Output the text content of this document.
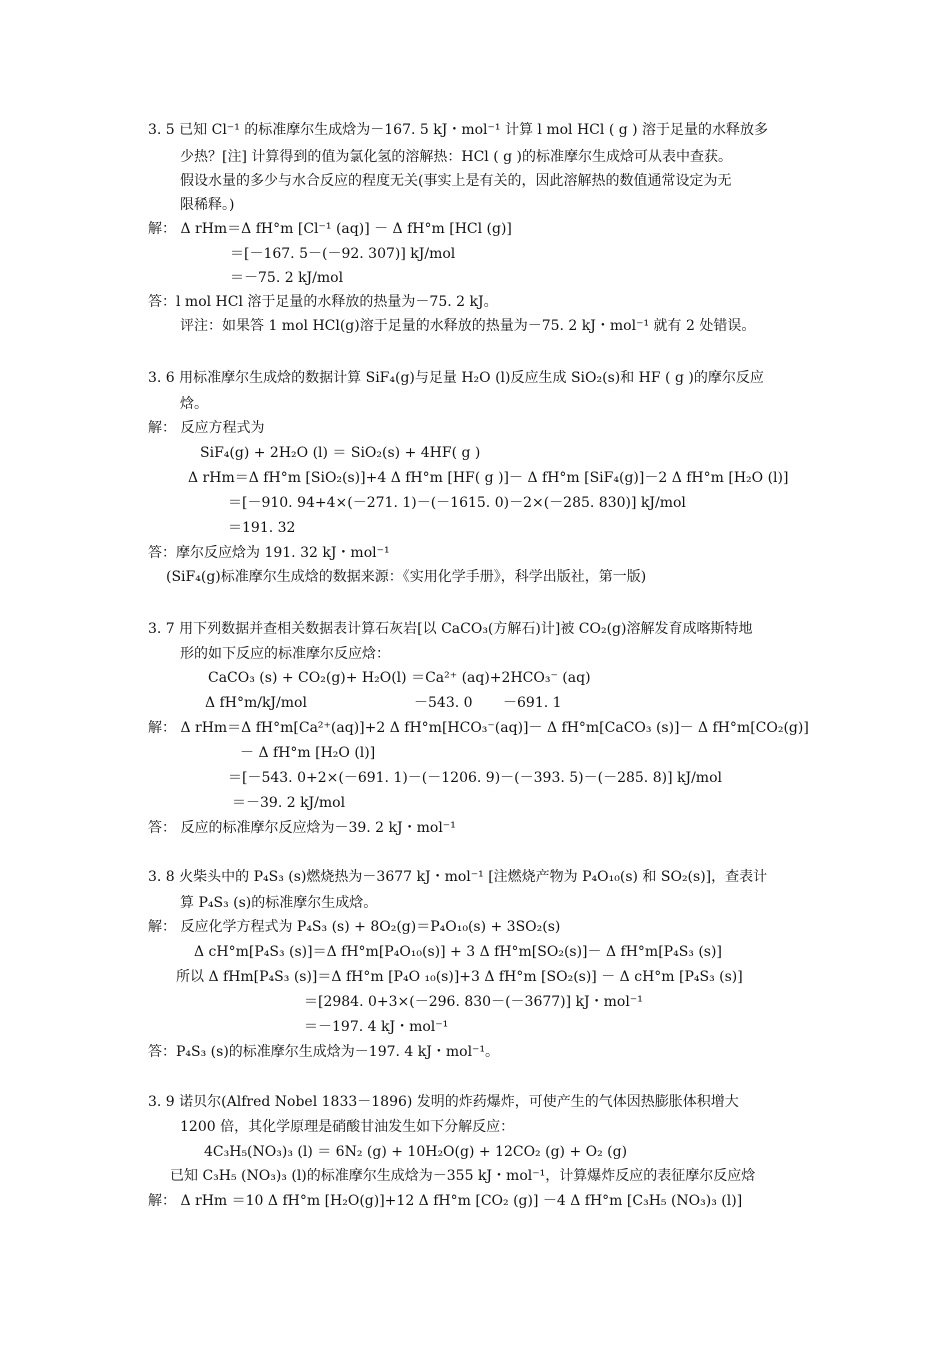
3. 5 已知 Cl⁻¹ 的标准摩尔生成焓为－167. 5 kJ・mol⁻¹ 计算 l mol HCl ( g ) 溶于足量的水释放多
少热？[注] 计算得到的值为氯化氢的溶解热：HCl ( g )的标准摩尔生成焓可从表中查获。
假设水量的多少与水合反应的程度无关(事实上是有关的，因此溶解热的数值通常设定为无
限稀释。)
解： Δ rHm＝Δ fH°m [Cl⁻¹ (aq)] － Δ fH°m [HCl (g)]
＝[－167. 5－(－92. 307)] kJ/mol
＝－75. 2 kJ/mol
答：l mol HCl 溶于足量的水释放的热量为－75. 2 kJ。
评注：如果答 1 mol HCl(g)溶于足量的水释放的热量为－75. 2 kJ・mol⁻¹ 就有 2 处错误。
3. 6 用标准摩尔生成焓的数据计算 SiF₄(g)与足量 H₂O (l)反应生成 SiO₂(s)和 HF ( g )的摩尔反应
焓。
解： 反应方程式为
SiF₄(g) + 2H₂O (l) ＝ SiO₂(s) + 4HF( g )
Δ rHm＝Δ fH°m [SiO₂(s)]+4 Δ fH°m [HF( g )]－ Δ fH°m [SiF₄(g)]－2 Δ fH°m [H₂O (l)]
＝[－910. 94+4×(－271. 1)－(－1615. 0)－2×(－285. 830)] kJ/mol
＝191. 32
答：摩尔反应焓为 191. 32 kJ・mol⁻¹
(SiF₄(g)标准摩尔生成焓的数据来源：《实用化学手册》，科学出版社，第一版)
3. 7 用下列数据并查相关数据表计算石灰岩[以 CaCO₃(方解石)计]被 CO₂(g)溶解发育成喀斯特地
形的如下反应的标准摩尔反应焓：
CaCO₃ (s) + CO₂(g)+ H₂O(l) ＝Ca²⁺ (aq)+2HCO₃⁻ (aq)
Δ fH°m/kJ/mol	－543. 0 －691. 1
解： Δ rHm＝Δ fH°m[Ca²⁺(aq)]+2 Δ fH°m[HCO₃⁻(aq)]－ Δ fH°m[CaCO₃ (s)]－ Δ fH°m[CO₂(g)]
－ Δ fH°m [H₂O (l)]
＝[－543. 0+2×(－691. 1)－(－1206. 9)－(－393. 5)－(－285. 8)] kJ/mol
＝－39. 2 kJ/mol
答： 反应的标准摩尔反应焓为－39. 2 kJ・mol⁻¹
3. 8 火柴头中的 P₄S₃ (s)燃烧热为－3677 kJ・mol⁻¹ [注燃烧产物为 P₄O₁₀(s) 和 SO₂(s)]，查表计
算 P₄S₃ (s)的标准摩尔生成焓。
解： 反应化学方程式为 P₄S₃ (s) + 8O₂(g)＝P₄O₁₀(s) + 3SO₂(s)
Δ cH°m[P₄S₃ (s)]＝Δ fH°m[P₄O₁₀(s)] + 3 Δ fH°m[SO₂(s)]－ Δ fH°m[P₄S₃ (s)]
所以 Δ fHm[P₄S₃ (s)]＝Δ fH°m [P₄O ₁₀(s)]+3 Δ fH°m [SO₂(s)] － Δ cH°m [P₄S₃ (s)]
＝[2984. 0+3×(－296. 830－(－3677)] kJ・mol⁻¹
＝－197. 4 kJ・mol⁻¹
答：P₄S₃ (s)的标准摩尔生成焓为－197. 4 kJ・mol⁻¹。
3. 9 诺贝尔(Alfred Nobel 1833－1896) 发明的炸药爆炸，可使产生的气体因热膨胀体积增大
1200 倍，其化学原理是硝酸甘油发生如下分解反应：
4C₃H₅(NO₃)₃ (l) ＝ 6N₂ (g) + 10H₂O(g) + 12CO₂ (g) + O₂ (g)
已知 C₃H₅ (NO₃)₃ (l)的标准摩尔生成焓为－355 kJ・mol⁻¹，计算爆炸反应的表征摩尔反应焓
解： Δ rHm ＝10 Δ fH°m [H₂O(g)]+12 Δ fH°m [CO₂ (g)] －4 Δ fH°m [C₃H₅ (NO₃)₃ (l)]
